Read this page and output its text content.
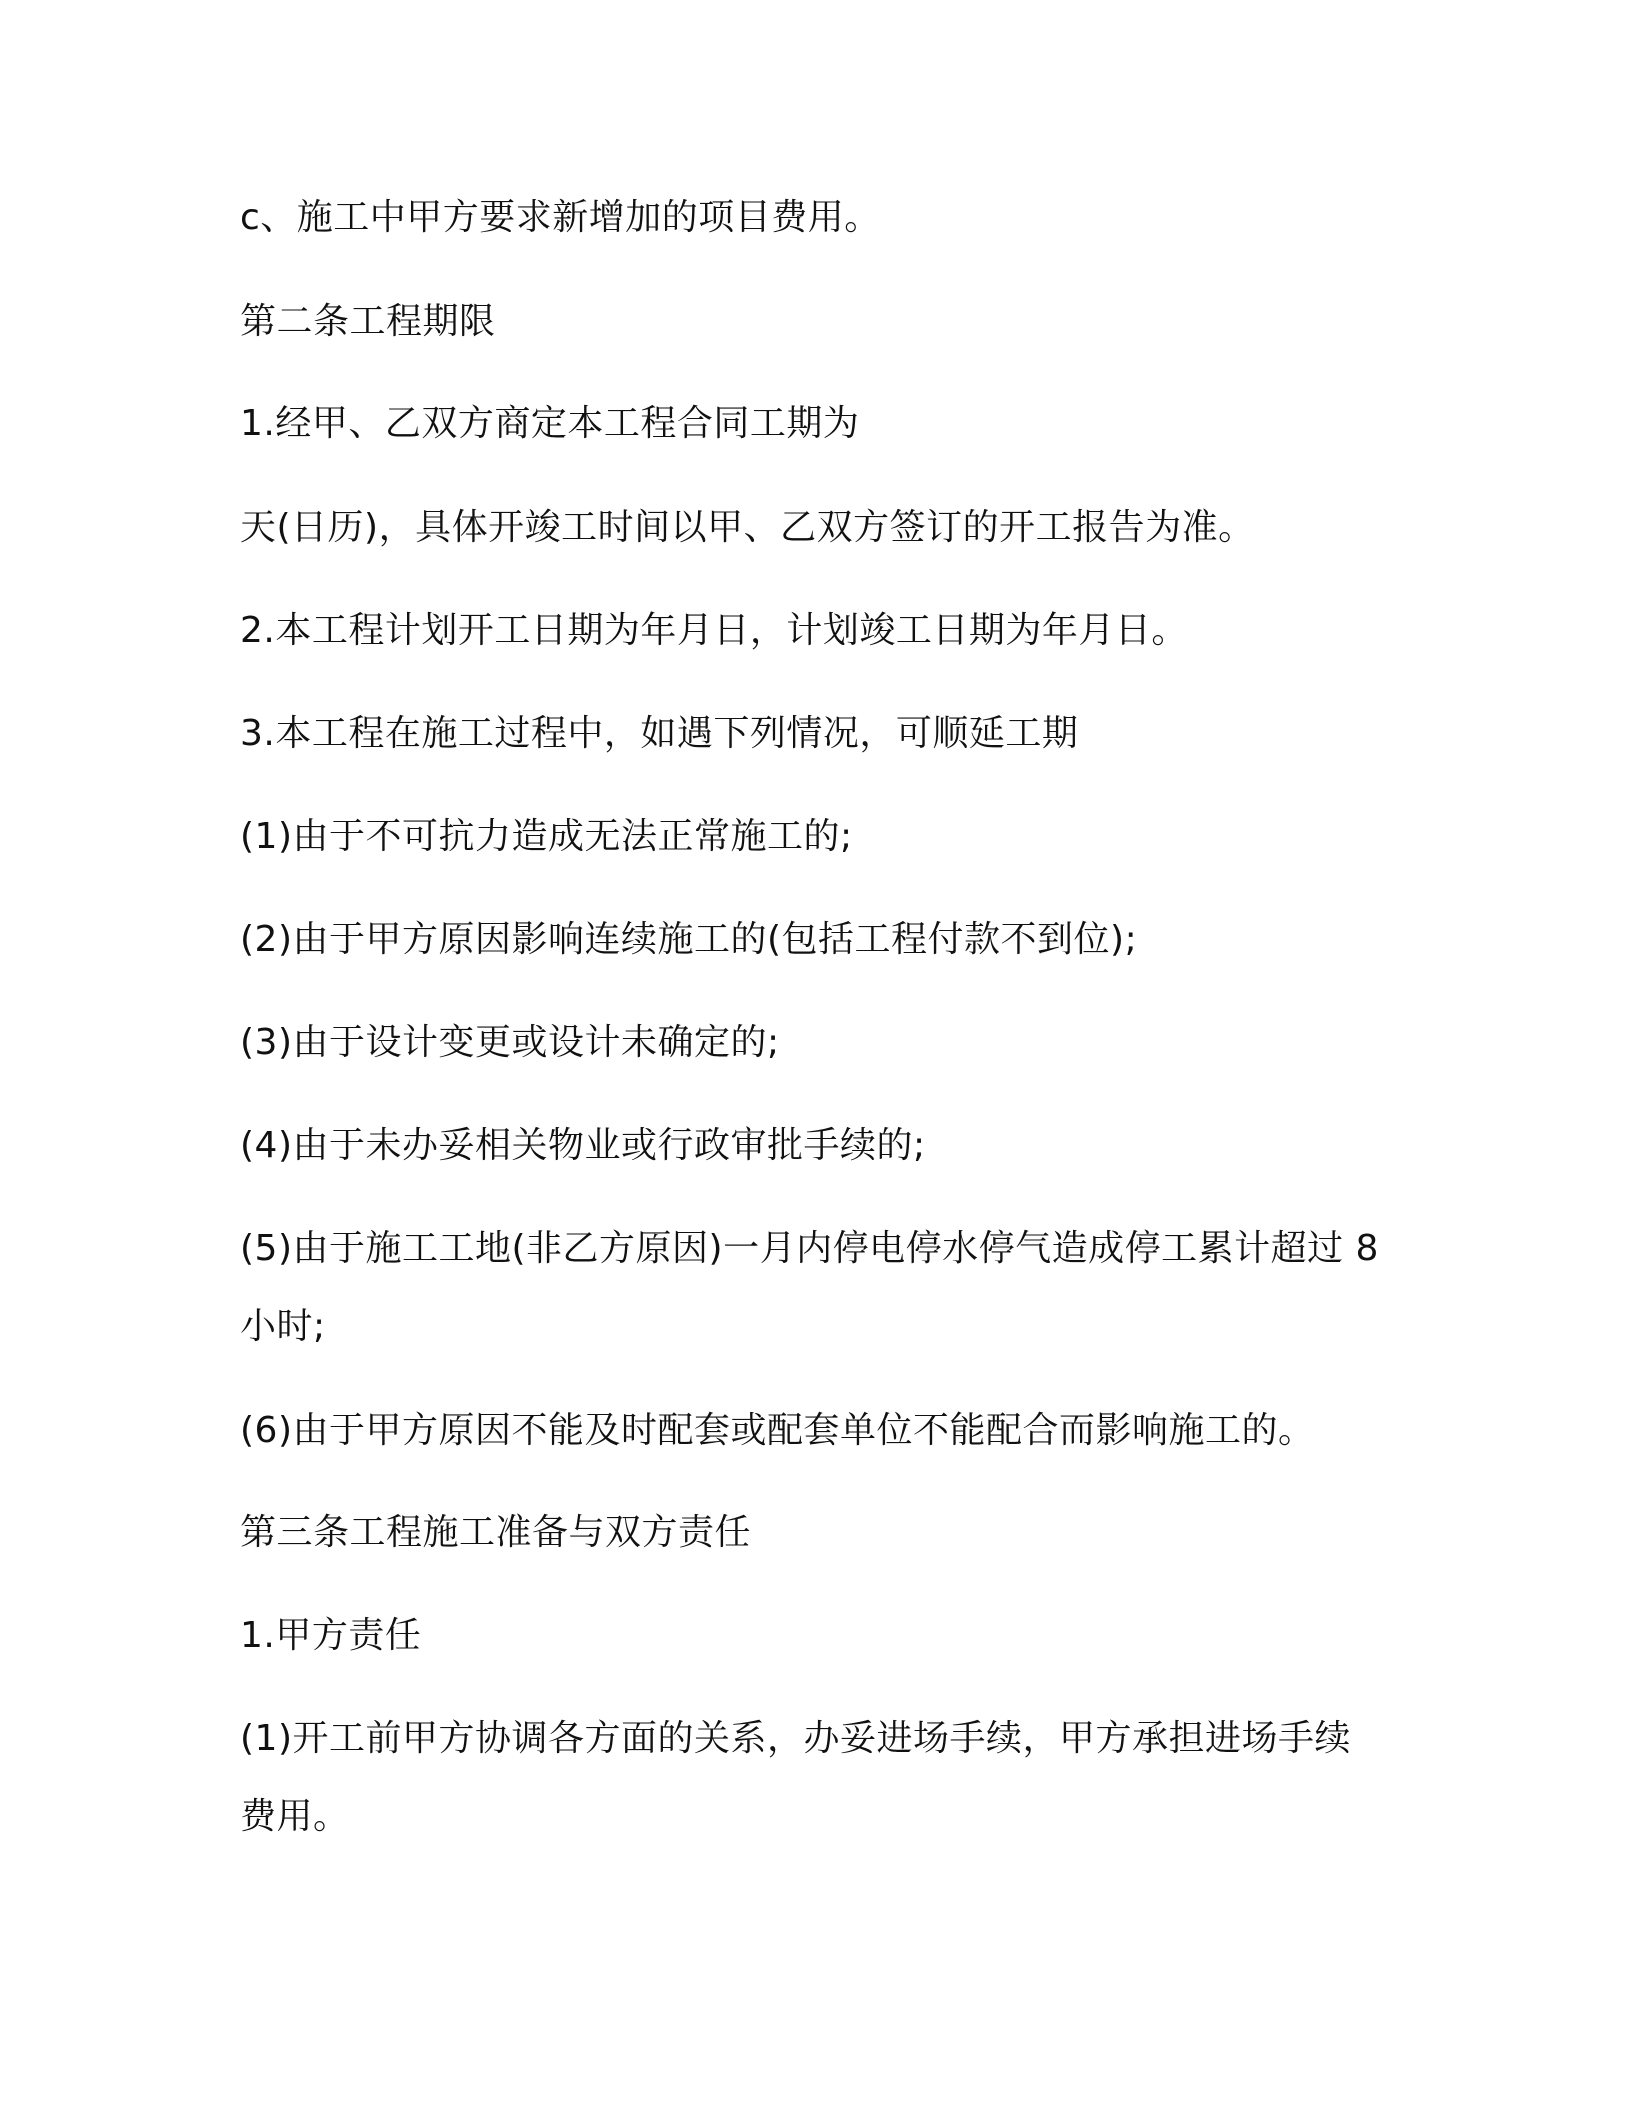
c、施工中甲方要求新增加的项目费用。

第二条工程期限

1.经甲、乙双方商定本工程合同工期为

天(日历)，具体开竣工时间以甲、乙双方签订的开工报告为准。

2.本工程计划开工日期为年月日，计划竣工日期为年月日。

3.本工程在施工过程中，如遇下列情况，可顺延工期

(1)由于不可抗力造成无法正常施工的;

(2)由于甲方原因影响连续施工的(包括工程付款不到位);

(3)由于设计变更或设计未确定的;

(4)由于未办妥相关物业或行政审批手续的;

(5)由于施工工地(非乙方原因)一月内停电停水停气造成停工累计超过 8

小时;

(6)由于甲方原因不能及时配套或配套单位不能配合而影响施工的。

第三条工程施工准备与双方责任

1.甲方责任

(1)开工前甲方协调各方面的关系，办妥进场手续，甲方承担进场手续

费用。
